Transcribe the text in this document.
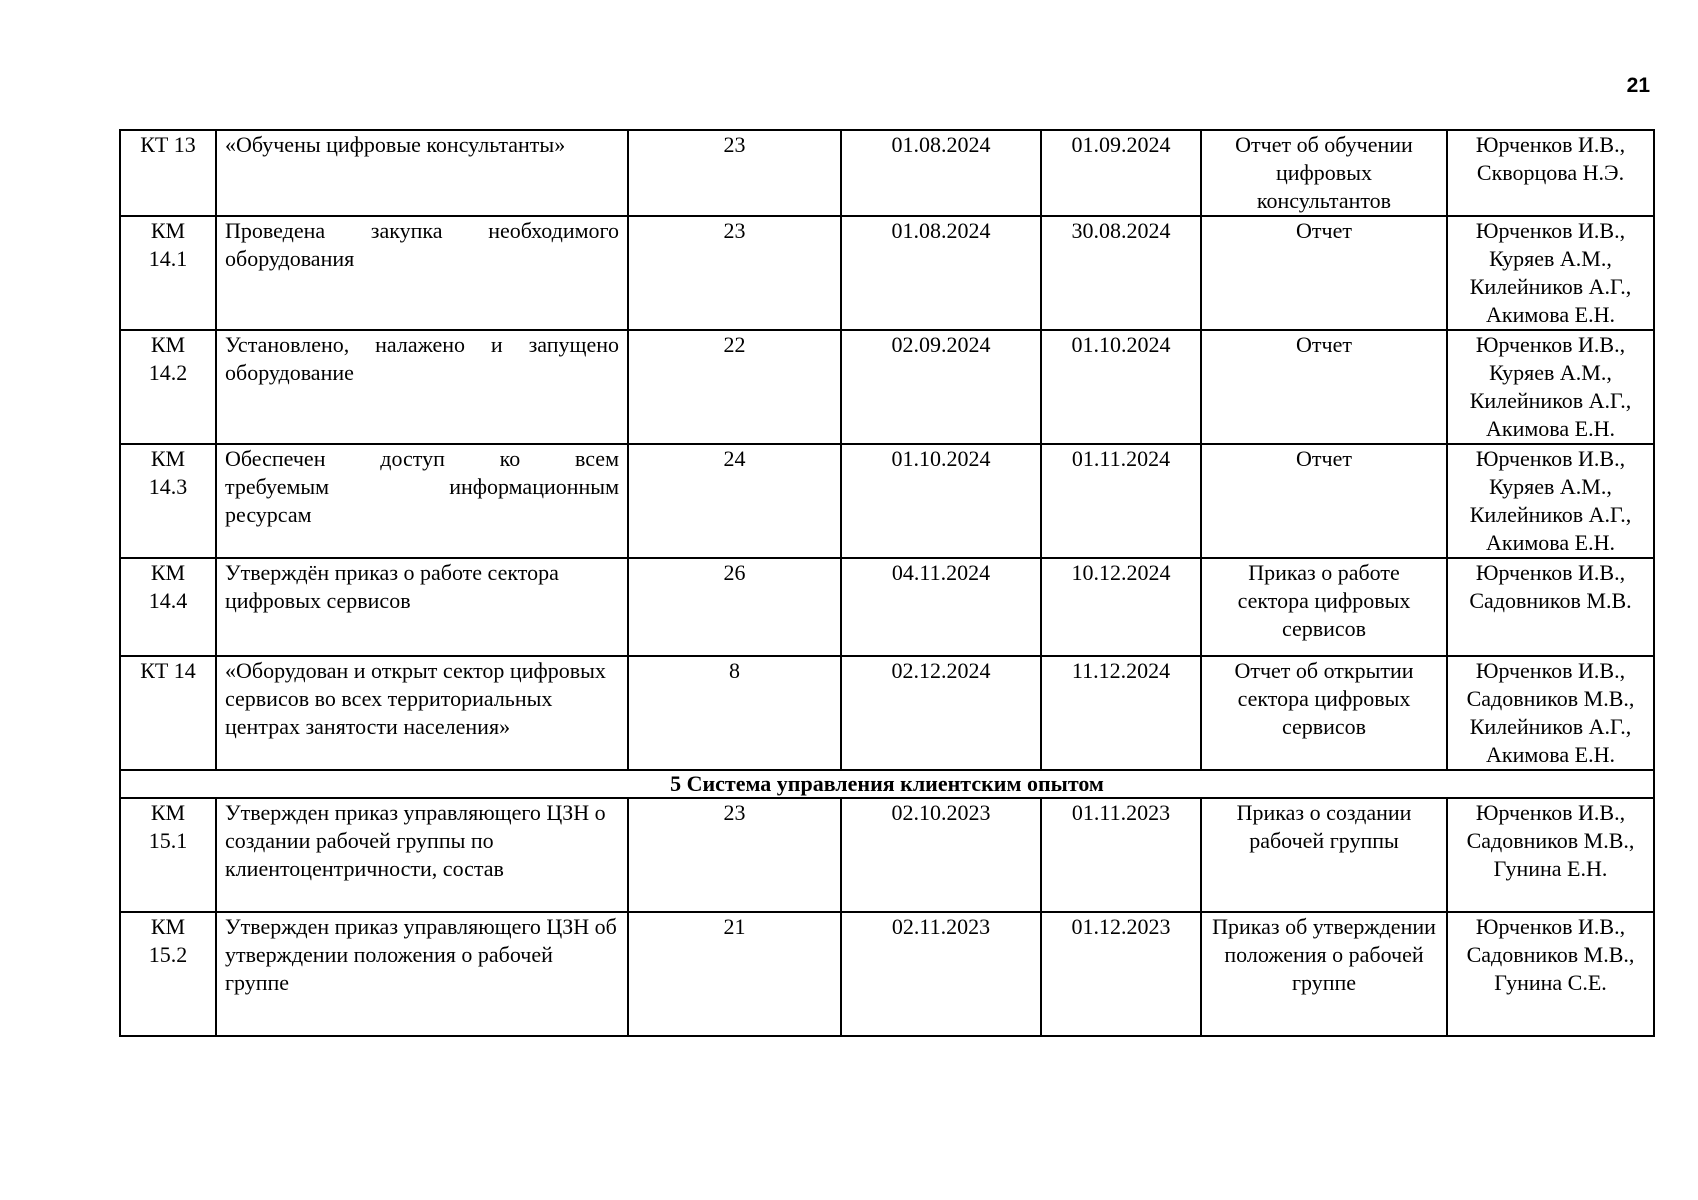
21
КТ 13	«Обучены цифровые консультанты»	23	01.08.2024	01.09.2024	Отчет об обучении цифровых консультантов	Юрченков И.В., Скворцова Н.Э.
КМ 14.1	Проведена закупка необходимого
оборудования	23	01.08.2024	30.08.2024	Отчет	Юрченков И.В., Куряев А.М., Килейников А.Г., Акимова Е.Н.
КМ 14.2	Установлено, налажено и запущено
оборудование	22	02.09.2024	01.10.2024	Отчет	Юрченков И.В., Куряев А.М., Килейников А.Г., Акимова Е.Н.
КМ 14.3	Обеспечен доступ ко всем
требуемым информационным
ресурсам	24	01.10.2024	01.11.2024	Отчет	Юрченков И.В., Куряев А.М., Килейников А.Г., Акимова Е.Н.
КМ 14.4	Утверждён приказ о работе сектора цифровых сервисов	26	04.11.2024	10.12.2024	Приказ о работе сектора цифровых сервисов	Юрченков И.В., Садовников М.В.
КТ 14	«Оборудован и открыт сектор цифровых сервисов во всех территориальных центрах занятости населения»	8	02.12.2024	11.12.2024	Отчет об открытии сектора цифровых сервисов	Юрченков И.В., Садовников М.В., Килейников А.Г., Акимова Е.Н.
5 Система управления клиентским опытом						
КМ 15.1	Утвержден приказ управляющего ЦЗН о создании рабочей группы по клиентоцентричности, состав	23	02.10.2023	01.11.2023	Приказ о создании рабочей группы	Юрченков И.В., Садовников М.В., Гунина Е.Н.
КМ 15.2	Утвержден приказ управляющего ЦЗН об утверждении положения о рабочей группе	21	02.11.2023	01.12.2023	Приказ об утверждении положения о рабочей группе	Юрченков И.В., Садовников М.В., Гунина С.Е.
